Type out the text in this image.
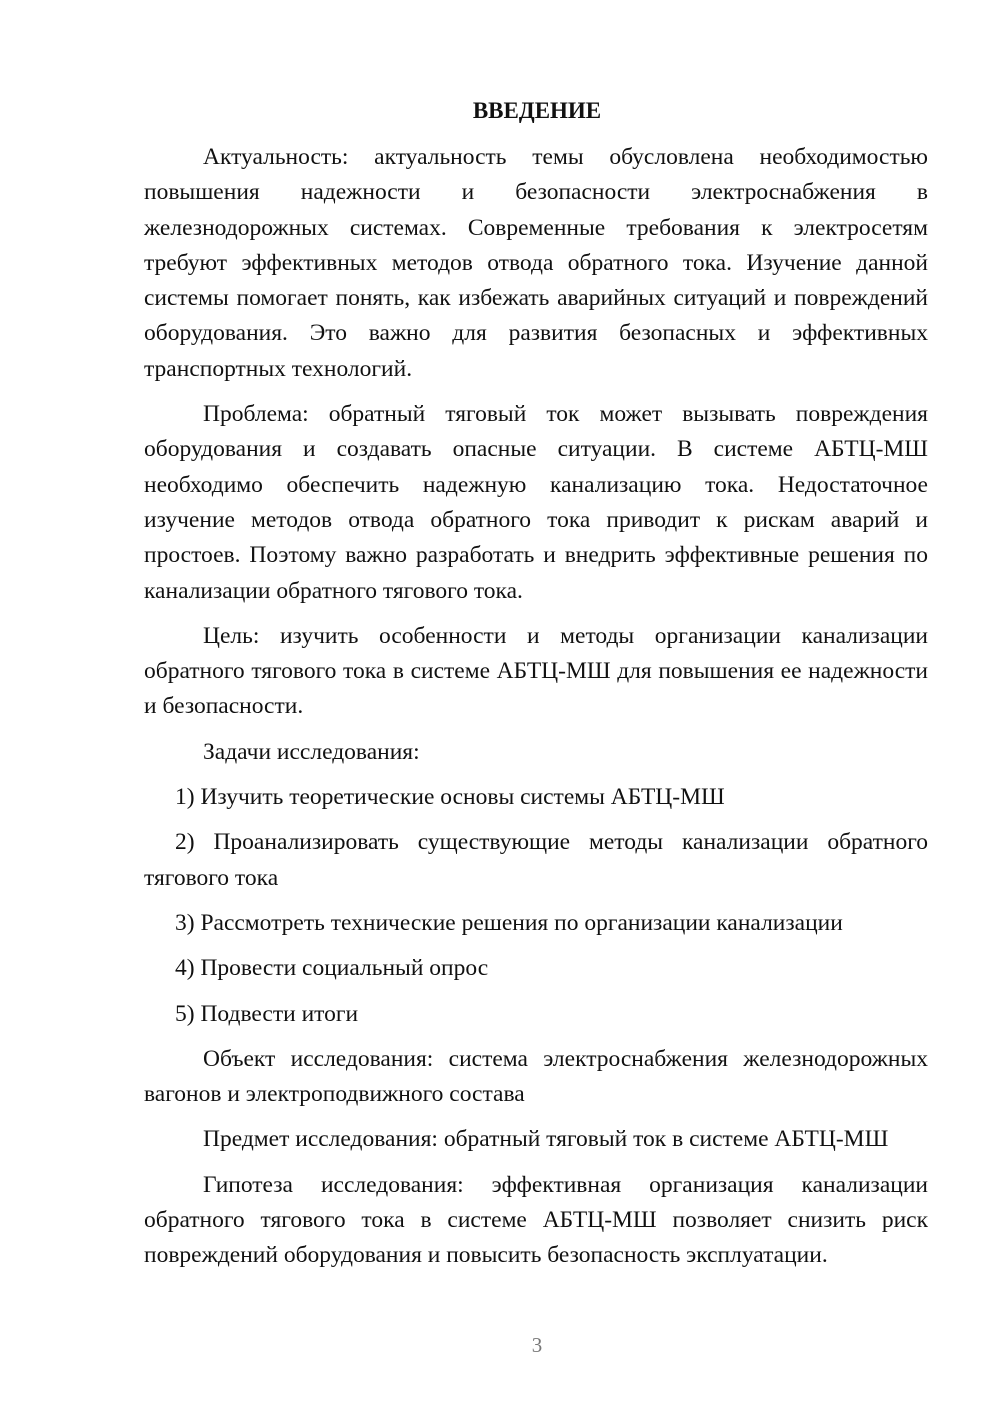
ВВЕДЕНИЕ

Актуальность: актуальность темы обусловлена необходимостью повышения надежности и безопасности электроснабжения в железнодорожных системах. Современные требования к электросетям требуют эффективных методов отвода обратного тока. Изучение данной системы помогает понять, как избежать аварийных ситуаций и повреждений оборудования. Это важно для развития безопасных и эффективных транспортных технологий.

Проблема: обратный тяговый ток может вызывать повреждения оборудования и создавать опасные ситуации. В системе АБТЦ-МШ необходимо обеспечить надежную канализацию тока. Недостаточное изучение методов отвода обратного тока приводит к рискам аварий и простоев. Поэтому важно разработать и внедрить эффективные решения по канализации обратного тягового тока.

Цель: изучить особенности и методы организации канализации обратного тягового тока в системе АБТЦ-МШ для повышения ее надежности и безопасности.

Задачи исследования:

1) Изучить теоретические основы системы АБТЦ-МШ

2) Проанализировать существующие методы канализации обратного тягового тока

3) Рассмотреть технические решения по организации канализации

4) Провести социальный опрос

5) Подвести итоги

Объект исследования: система электроснабжения железнодорожных вагонов и электроподвижного состава

Предмет исследования: обратный тяговый ток в системе АБТЦ-МШ

Гипотеза исследования: эффективная организация канализации обратного тягового тока в системе АБТЦ-МШ позволяет снизить риск повреждений оборудования и повысить безопасность эксплуатации.

3
